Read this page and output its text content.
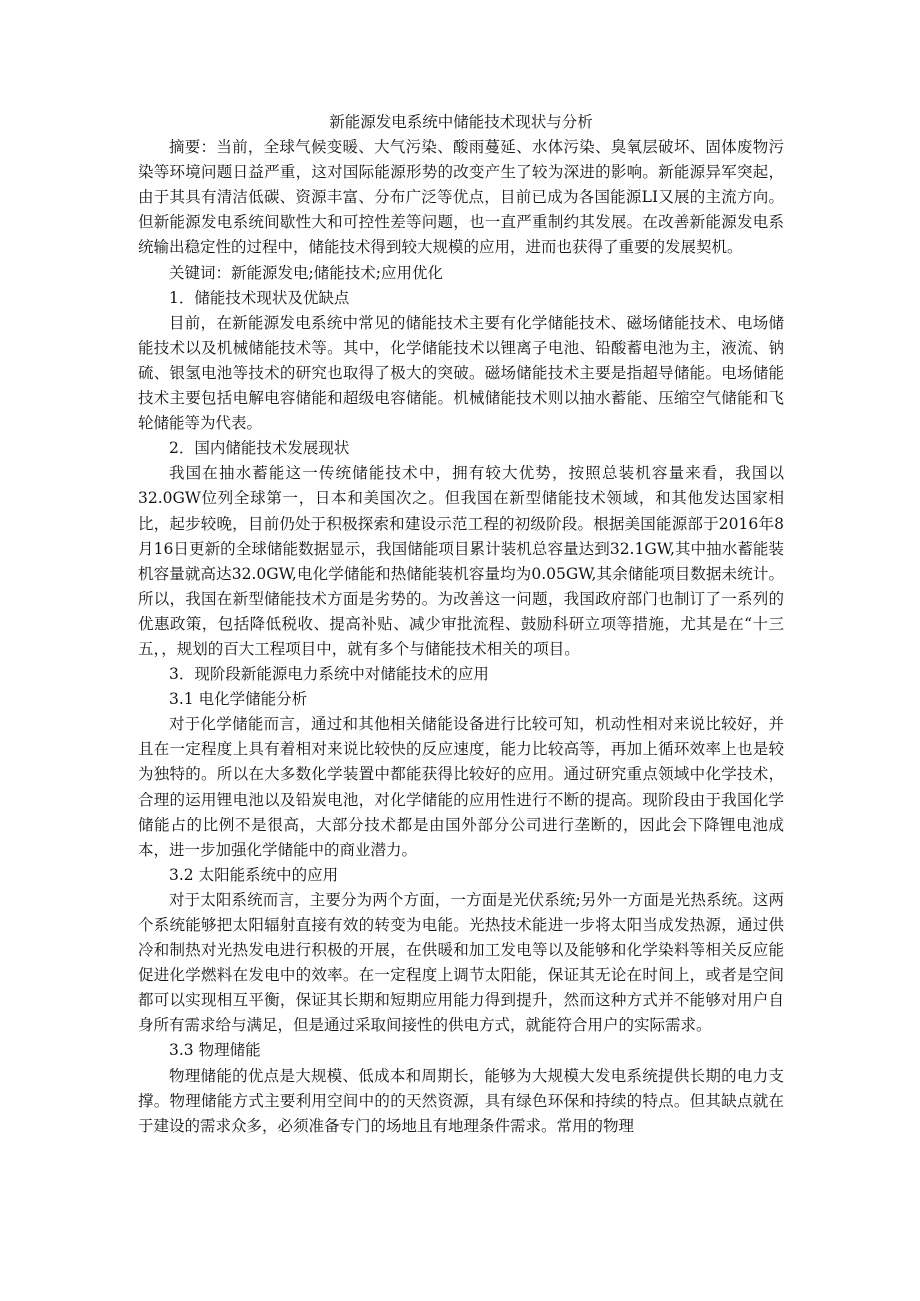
新能源发电系统中储能技术现状与分析

摘要：当前，全球气候变暖、大气污染、酸雨蔓延、水体污染、臭氧层破坏、固体废物污染等环境问题日益严重，这对国际能源形势的改变产生了较为深进的影响。新能源异军突起，由于其具有清洁低碳、资源丰富、分布广泛等优点，目前已成为各国能源LI又展的主流方向。但新能源发电系统间歇性大和可控性差等问题，也一直严重制约其发展。在改善新能源发电系统输出稳定性的过程中，储能技术得到较大规模的应用，进而也获得了重要的发展契机。

关键词：新能源发电;储能技术;应用优化

1．储能技术现状及优缺点

目前，在新能源发电系统中常见的储能技术主要有化学储能技术、磁场储能技术、电场储能技术以及机械储能技术等。其中，化学储能技术以锂离子电池、铅酸蓄电池为主，液流、钠硫、银氢电池等技术的研究也取得了极大的突破。磁场储能技术主要是指超导储能。电场储能技术主要包括电解电容储能和超级电容储能。机械储能技术则以抽水蓄能、压缩空气储能和飞轮储能等为代表。

2．国内储能技术发展现状

我国在抽水蓄能这一传统储能技术中，拥有较大优势，按照总装机容量来看，我国以32.0GW位列全球第一，日本和美国次之。但我国在新型储能技术领域，和其他发达国家相比，起步较晚，目前仍处于积极探索和建设示范工程的初级阶段。根据美国能源部于2016年8月16日更新的全球储能数据显示，我国储能项目累计装机总容量达到32.1GW,其中抽水蓄能装机容量就高达32.0GW,电化学储能和热储能装机容量均为0.05GW,其余储能项目数据未统计。所以，我国在新型储能技术方面是劣势的。为改善这一问题，我国政府部门也制订了一系列的优惠政策，包括降低税收、提高补贴、减少审批流程、鼓励科研立项等措施，尤其是在“十三五，，规划的百大工程项目中，就有多个与储能技术相关的项目。

3．现阶段新能源电力系统中对储能技术的应用
3.1 电化学储能分析

对于化学储能而言，通过和其他相关储能设备进行比较可知，机动性相对来说比较好，并且在一定程度上具有着相对来说比较快的反应速度，能力比较高等，再加上循环效率上也是较为独特的。所以在大多数化学装置中都能获得比较好的应用。通过研究重点领域中化学技术，合理的运用锂电池以及铅炭电池，对化学储能的应用性进行不断的提高。现阶段由于我国化学储能占的比例不是很高，大部分技术都是由国外部分公司进行垄断的，因此会下降锂电池成本，进一步加强化学储能中的商业潜力。

3.2 太阳能系统中的应用

对于太阳系统而言，主要分为两个方面，一方面是光伏系统;另外一方面是光热系统。这两个系统能够把太阳辐射直接有效的转变为电能。光热技术能进一步将太阳当成发热源，通过供冷和制热对光热发电进行积极的开展，在供暖和加工发电等以及能够和化学染料等相关反应能促进化学燃料在发电中的效率。在一定程度上调节太阳能，保证其无论在时间上，或者是空间都可以实现相互平衡，保证其长期和短期应用能力得到提升，然而这种方式并不能够对用户自身所有需求给与满足，但是通过采取间接性的供电方式，就能符合用户的实际需求。

3.3 物理储能

物理储能的优点是大规模、低成本和周期长，能够为大规模大发电系统提供长期的电力支撑。物理储能方式主要利用空间中的的天然资源，具有绿色环保和持续的特点。但其缺点就在于建设的需求众多，必须准备专门的场地且有地理条件需求。常用的物理
